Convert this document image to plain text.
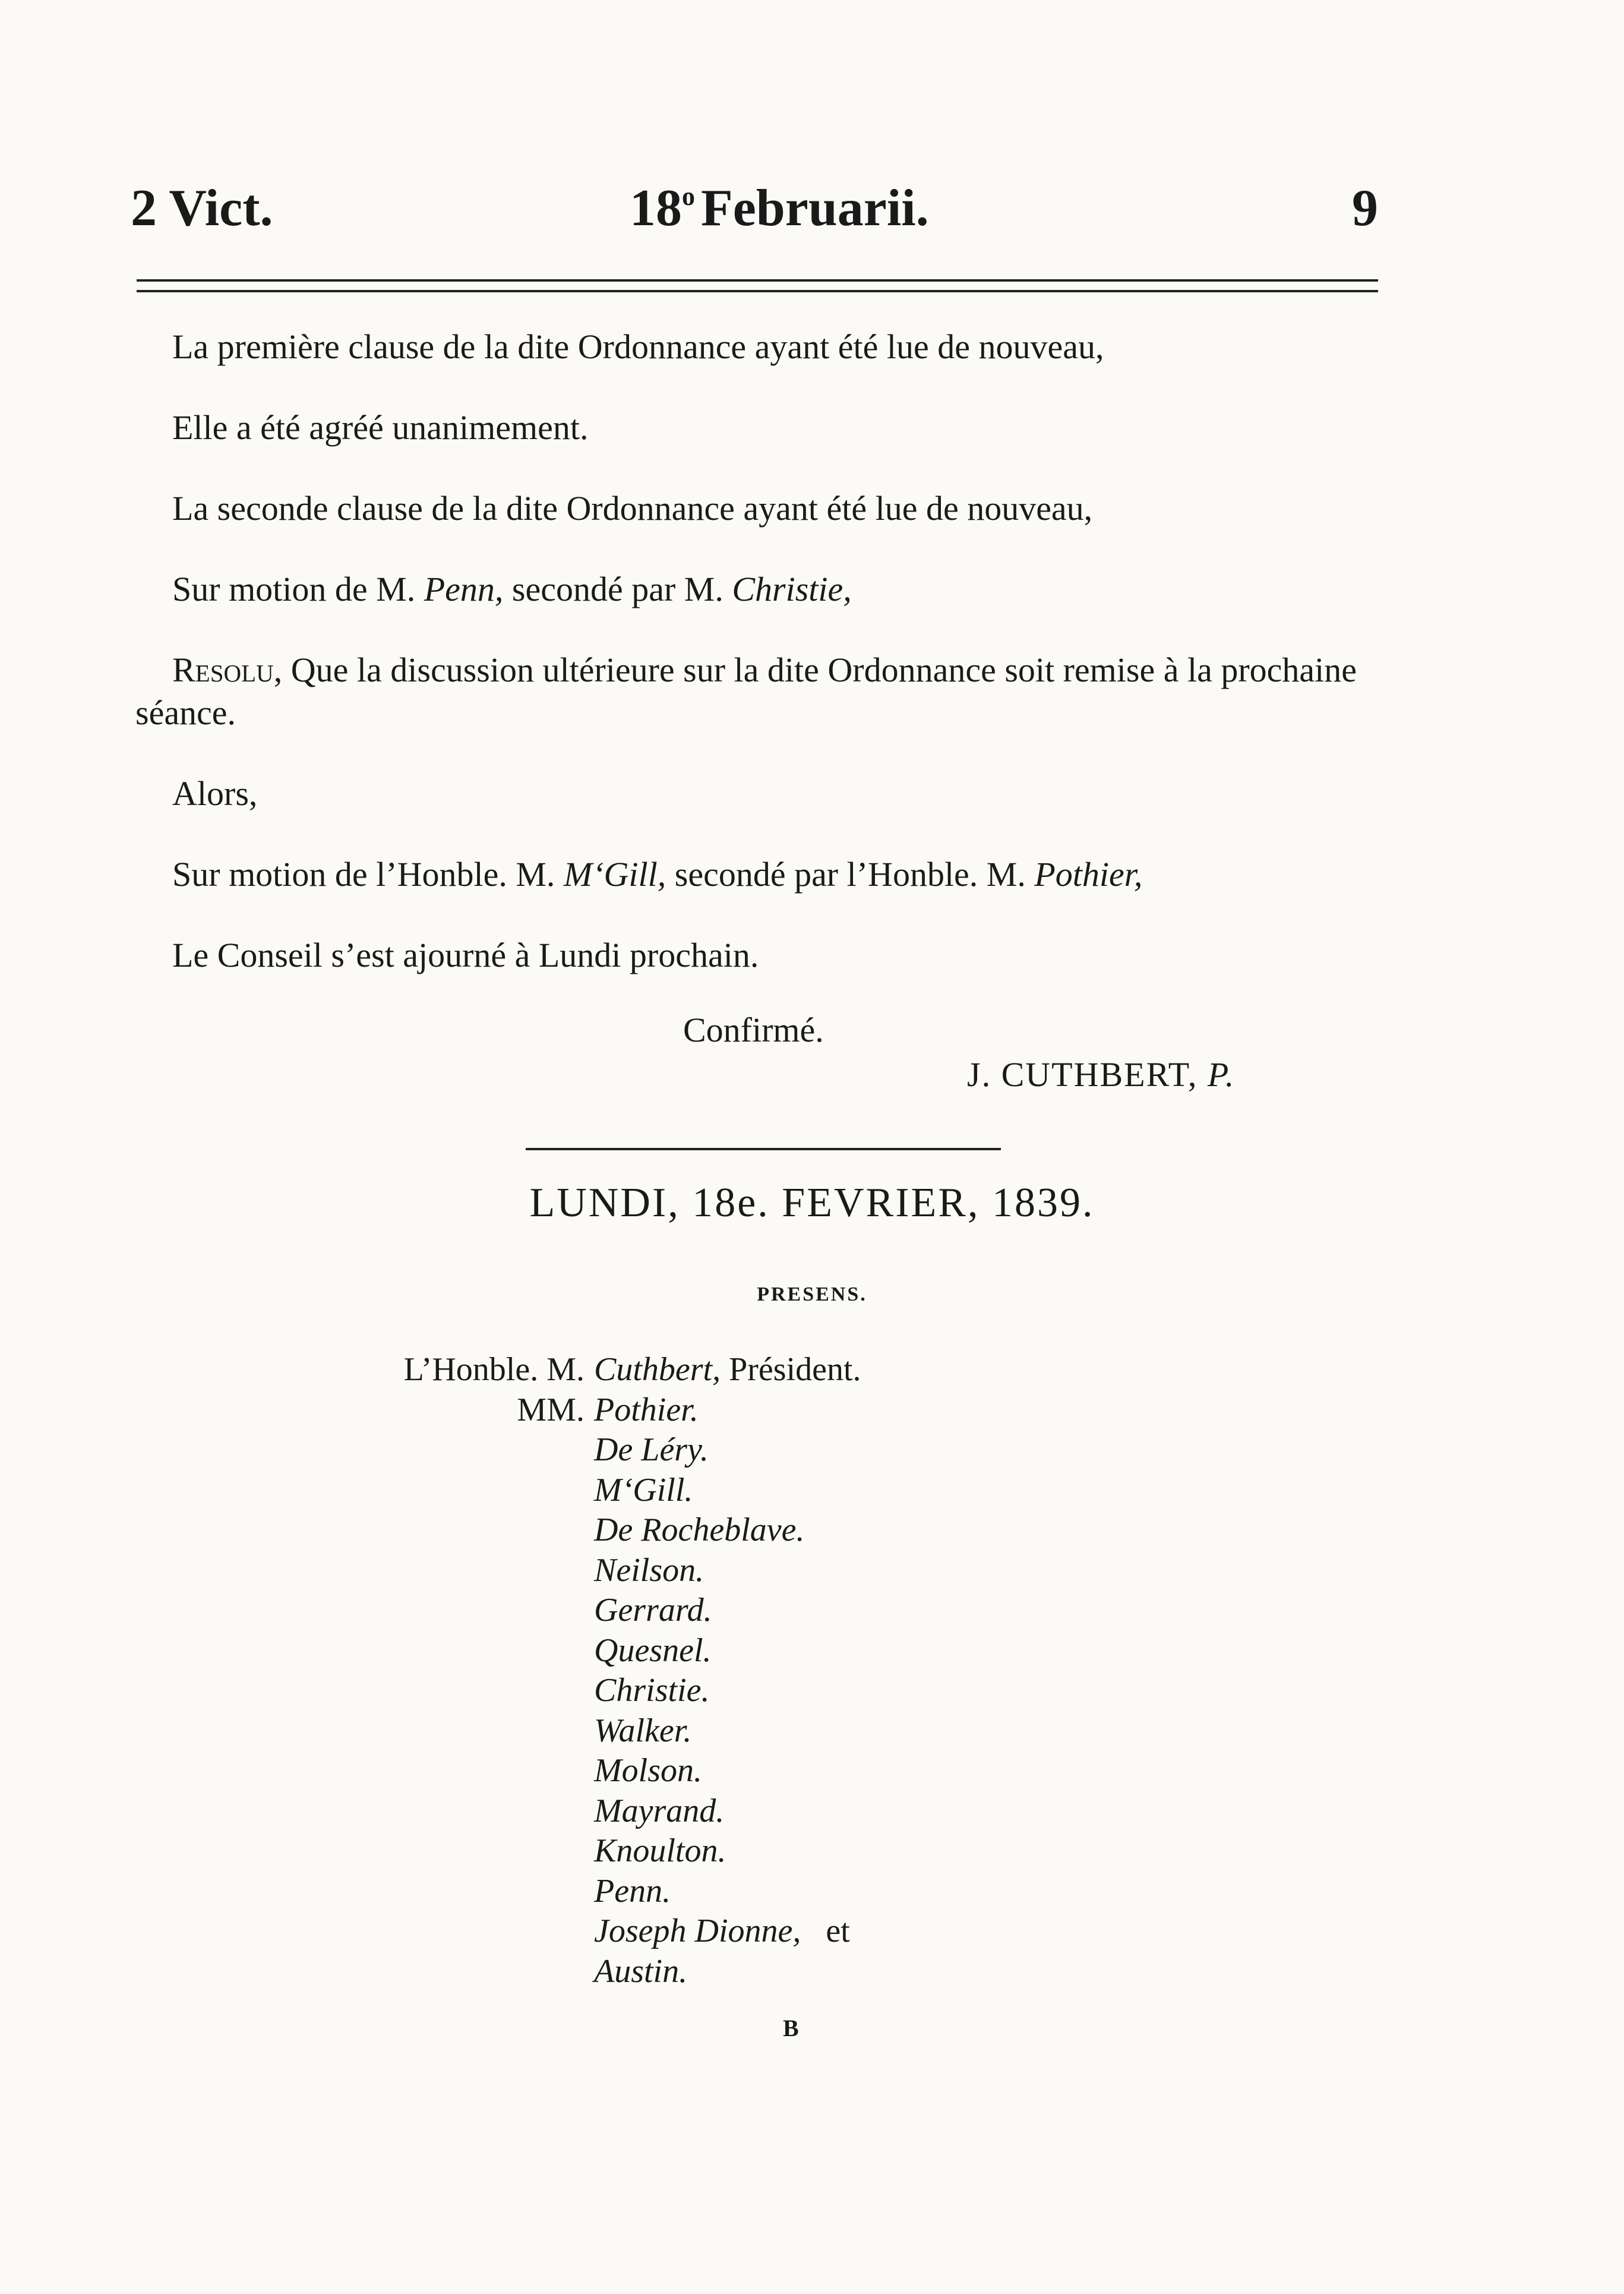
2 Vict.	18$^o$ Februarii.	9

La première clause de la dite Ordonnance ayant été lue de nouveau,

Elle a été agréé unanimement.

La seconde clause de la dite Ordonnance ayant été lue de nouveau,

Sur motion de M. Penn, secondé par M. Christie,

Resolu, Que la discussion ultérieure sur la dite Ordonnance soit remise à la prochaine séance.

Alors,

Sur motion de l’Honble. M. M‘Gill, secondé par l’Honble. M. Pothier,

Le Conseil s’est ajourné à Lundi prochain.

Confirmé.
J. CUTHBERT, P.
LUNDI, 18e. FEVRIER, 1839.
PRESENS.
L’Honble. M. Cuthbert, Président.
MM. Pothier.
De Léry.
M‘Gill.
De Rocheblave.
Neilson.
Gerrard.
Quesnel.
Christie.
Walker.
Molson.
Mayrand.
Knoulton.
Penn.
Joseph Dionne, et
Austin.
B
